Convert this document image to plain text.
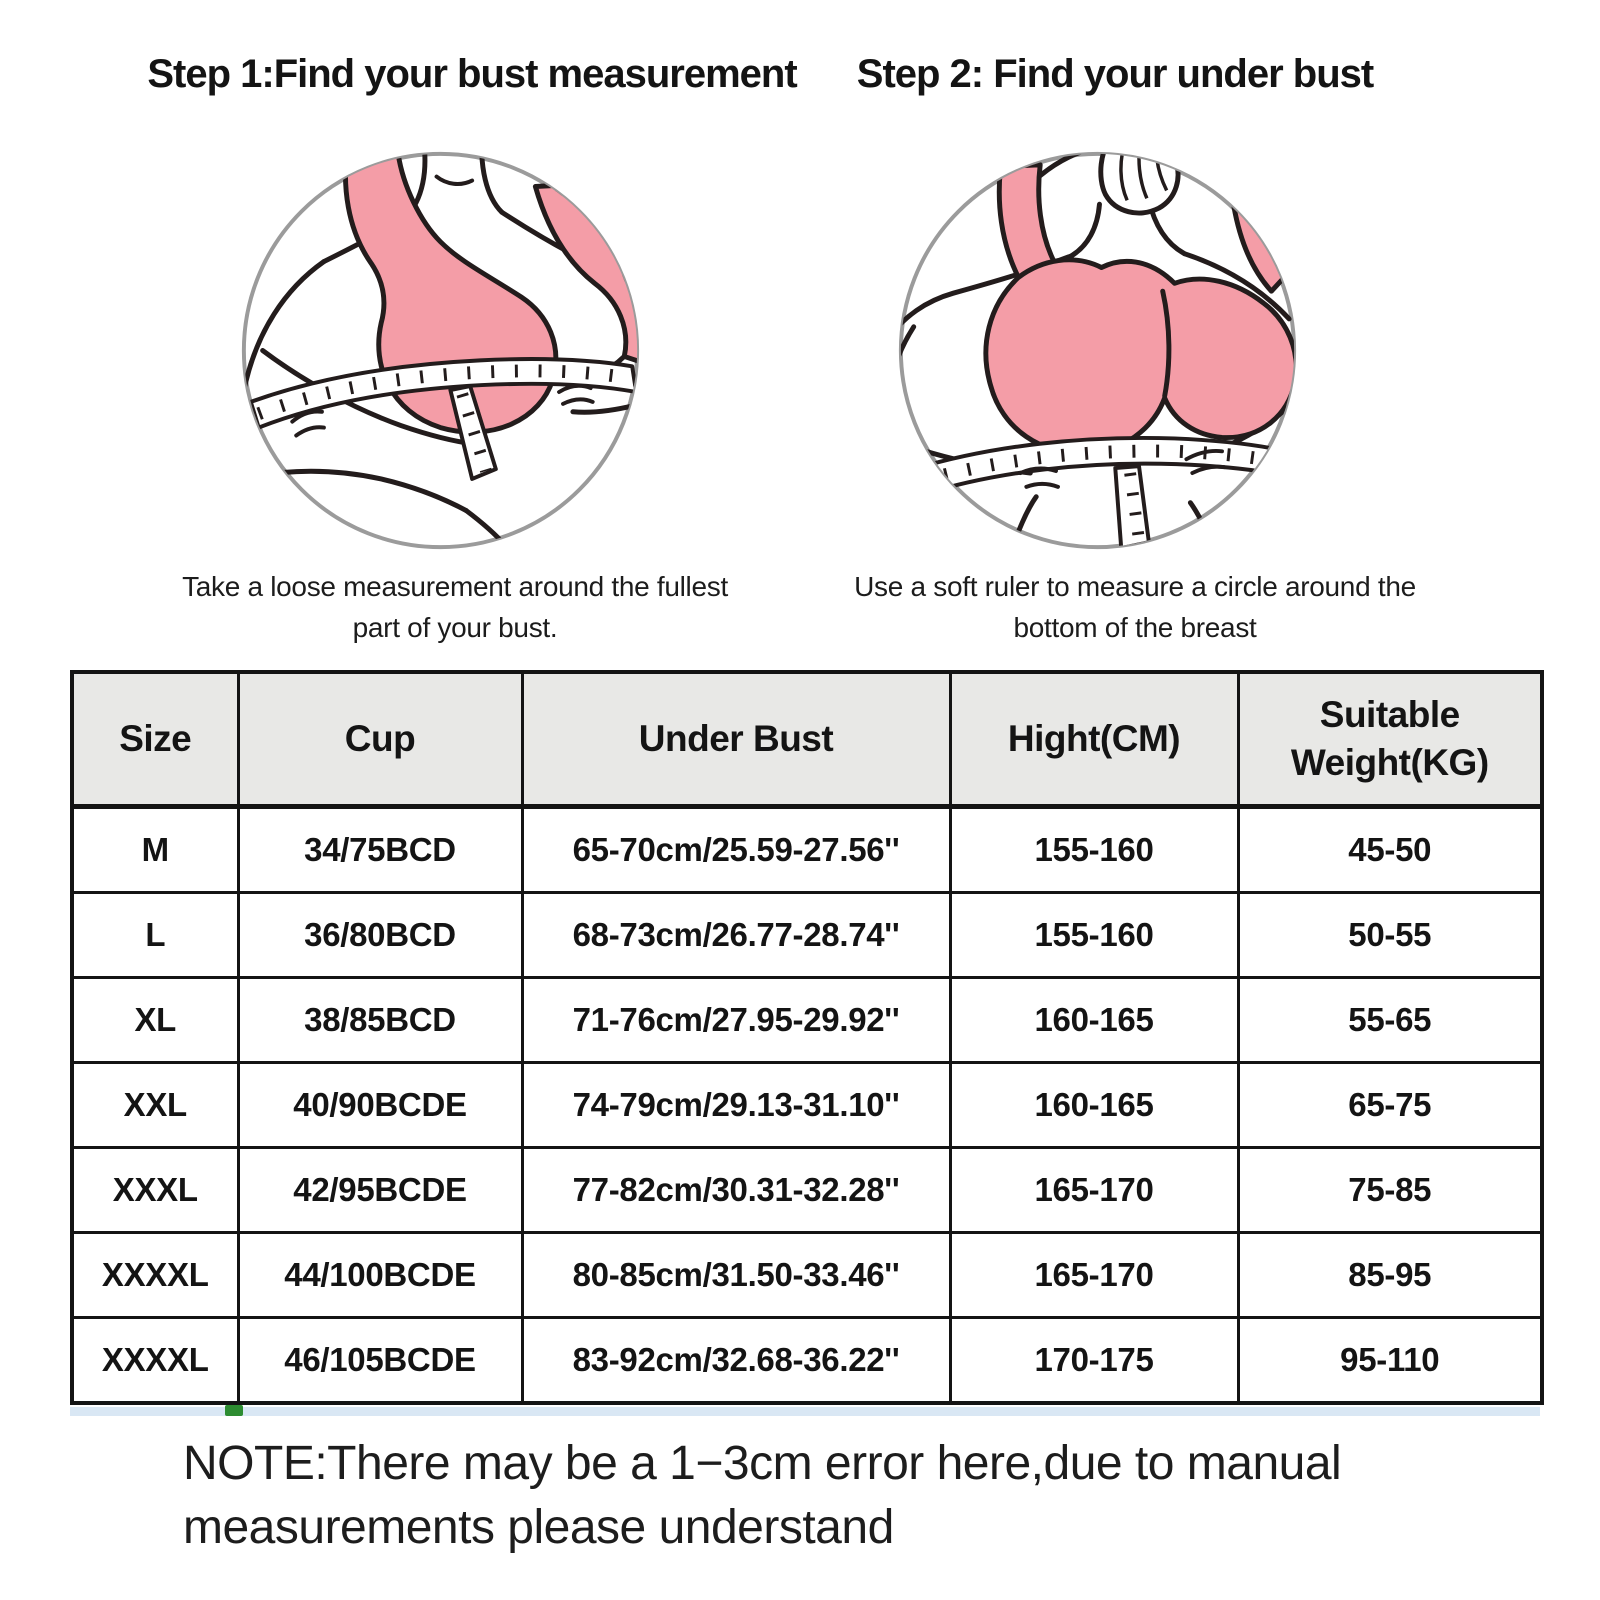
Step 1:Find your bust measurement	Step 2: Find your under bust
Take a loose measurement around the fullest
part of your bust.
Use a soft ruler to measure a circle around the
bottom of the breast
Size	Cup	Under Bust	Hight(CM)	Suitable Weight(KG)
M	34/75BCD	65-70cm/25.59-27.56''	155-160	45-50
L	36/80BCD	68-73cm/26.77-28.74''	155-160	50-55
XL	38/85BCD	71-76cm/27.95-29.92''	160-165	55-65
XXL	40/90BCDE	74-79cm/29.13-31.10''	160-165	65-75
XXXL	42/95BCDE	77-82cm/30.31-32.28''	165-170	75-85
XXXXL	44/100BCDE	80-85cm/31.50-33.46''	165-170	85-95
XXXXL	46/105BCDE	83-92cm/32.68-36.22''	170-175	95-110
NOTE:There may be a 1−3cm error here,due to manual
measurements please understand
